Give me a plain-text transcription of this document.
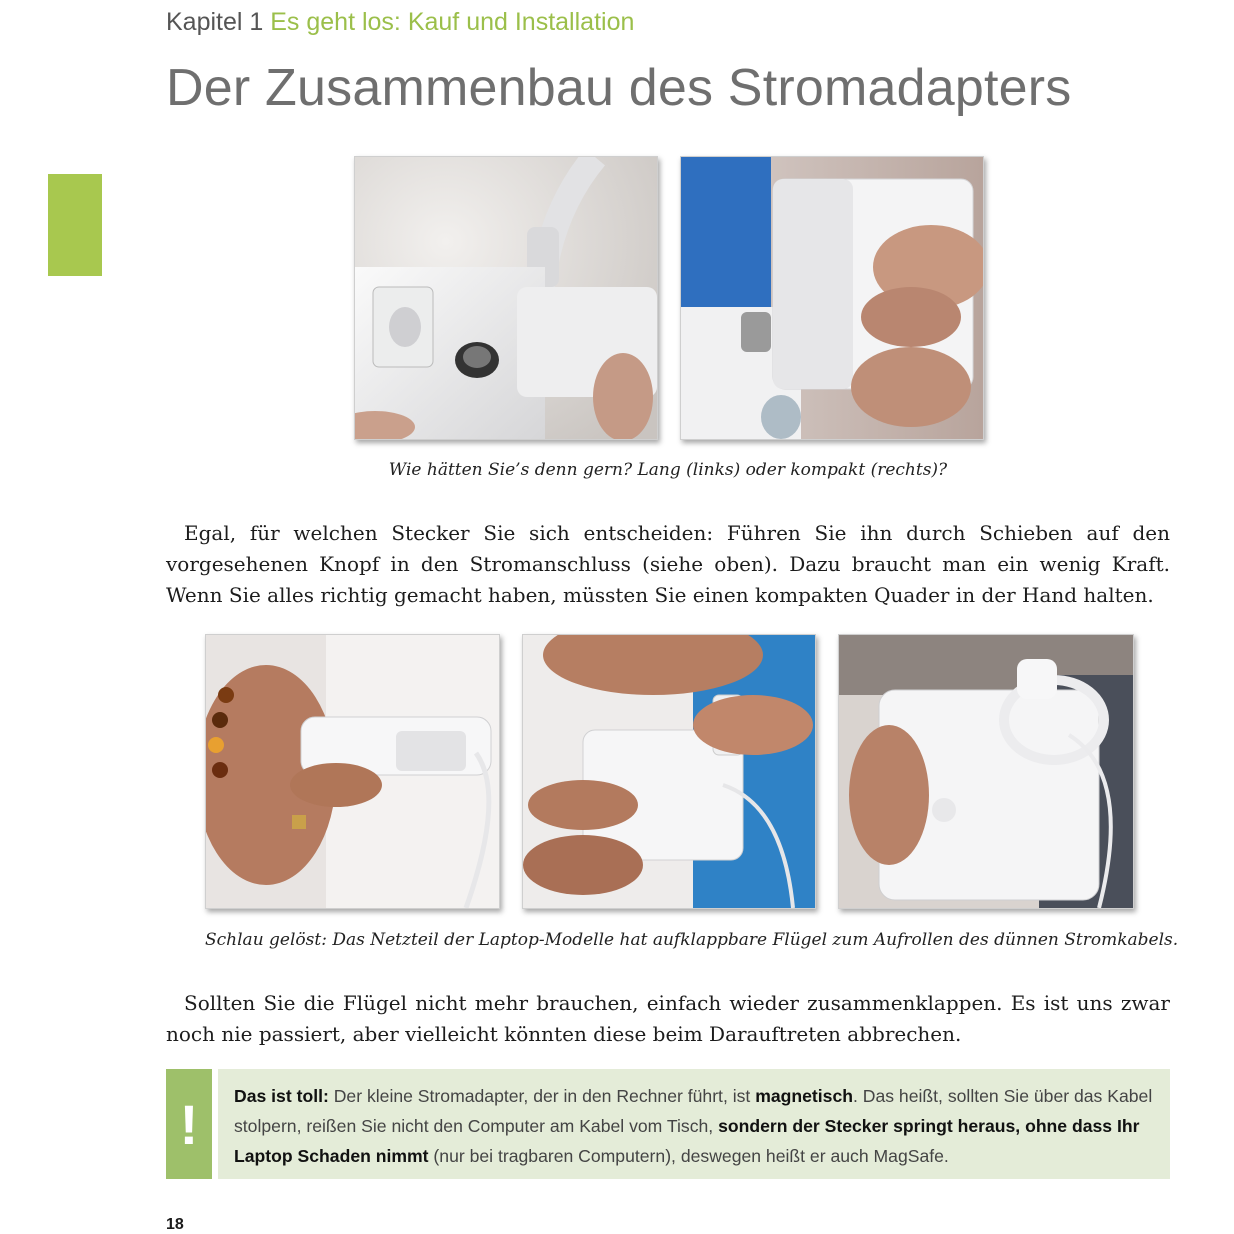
Kapitel 1 Es geht los: Kauf und Installation
Der Zusammenbau des Stromadapters
Wie hätten Sie’s denn gern? Lang (links) oder kompakt (rechts)?
Egal, für welchen Stecker Sie sich entscheiden: Führen Sie ihn durch Schieben auf den vorgesehenen Knopf in den Stromanschluss (siehe oben). Dazu braucht man ein wenig Kraft. Wenn Sie alles richtig gemacht haben, müssten Sie einen kompakten Quader in der Hand halten.
Schlau gelöst: Das Netzteil der Laptop-Modelle hat aufklappbare Flügel zum Aufrollen des dünnen Stromkabels.
Sollten Sie die Flügel nicht mehr brauchen, einfach wieder zusammenklappen. Es ist uns zwar noch nie passiert, aber vielleicht könnten diese beim Darauftreten abbrechen.
!	Das ist toll: Der kleine Stromadapter, der in den Rechner führt, ist magnetisch. Das heißt, sollten Sie über das Kabel stolpern, reißen Sie nicht den Computer am Kabel vom Tisch, sondern der Stecker springt heraus, ohne dass Ihr Laptop Schaden nimmt (nur bei tragbaren Computern), deswegen heißt er auch MagSafe.
18
